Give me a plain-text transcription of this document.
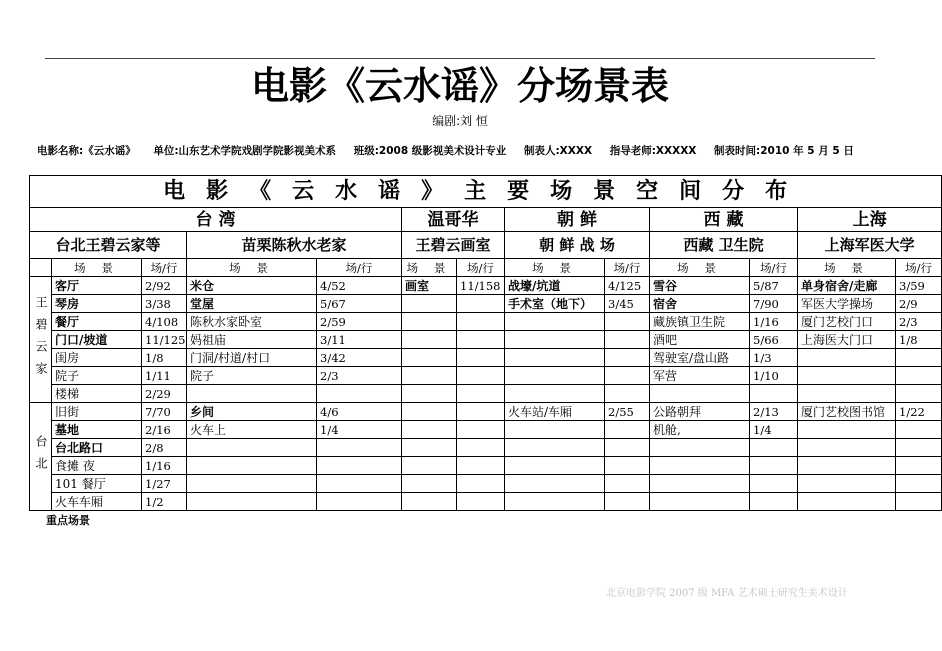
电影《云水谣》分场景表
编剧:刘 恒
电影名称:《云水谣》 单位:山东艺术学院戏剧学院影视美术系 班级:2008 级影视美术设计专业 制表人:XXXX 指导老师:XXXXX 制表时间:2010 年 5 月 5 日
电影《云水谣》主要场景空间分布												
台 湾					温哥华		朝 鲜		西 藏		上海	
台北王碧云家等			苗栗陈秋水老家		王碧云画室		朝 鲜 战 场		西藏 卫生院		上海军医大学	
	场 景	场/行	场 景	场/行	场 景	场/行	场 景	场/行	场 景	场/行	场 景	场/行
王碧云家	客厅	2/92	米仓	4/52	画室	11/158	战壕/坑道	4/125	雪谷	5/87	单身宿舍/走廊	3/59
	琴房	3/38	堂屋	5/67			手术室（地下）	3/45	宿舍	7/90	军医大学操场	2/9
	餐厅	4/108	陈秋水家卧室	2/59					藏族镇卫生院	1/16	厦门艺校门口	2/3
	门口/坡道	11/125	妈祖庙	3/11					酒吧	5/66	上海医大门口	1/8
	闺房	1/8	门洞/村道/村口	3/42					驾驶室/盘山路	1/3		
	院子	1/11	院子	2/3					军营	1/10		
	楼梯	2/29										
台北	旧街	7/70	乡间	4/6			火车站/车厢	2/55	公路朝拜	2/13	厦门艺校图书馆	1/22
	墓地	2/16	火车上	1/4					机舱,	1/4		
	台北路口	2/8										
	食摊 夜	1/16										
	101 餐厅	1/27										
	火车车厢	1/2										
重点场景
北京电影学院 2007 级 MFA 艺术硕士研究生美术设计
